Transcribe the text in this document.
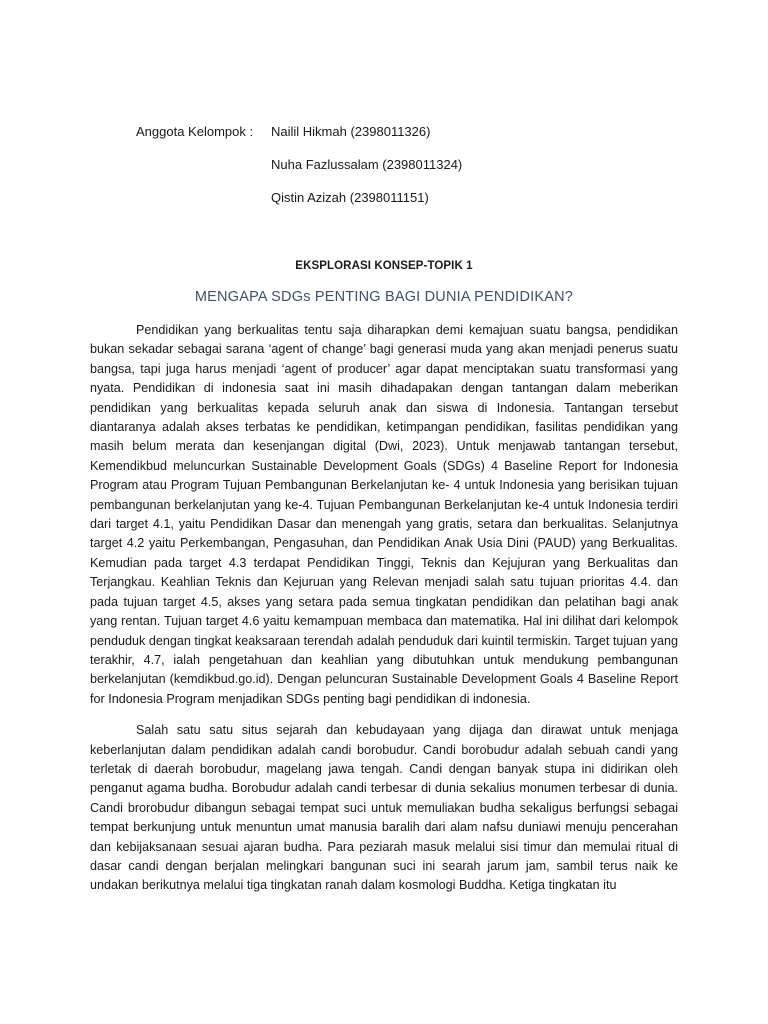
Anggota Kelompok :	Nailil Hikmah (2398011326)
Nuha Fazlussalam (2398011324)
Qistin Azizah (2398011151)
EKSPLORASI KONSEP-TOPIK 1
MENGAPA SDGs PENTING BAGI DUNIA PENDIDIKAN?

Pendidikan yang berkualitas tentu saja diharapkan demi kemajuan suatu bangsa, pendidikan bukan sekadar sebagai sarana ‘agent of change’ bagi generasi muda yang akan menjadi penerus suatu bangsa, tapi juga harus menjadi ‘agent of producer’ agar dapat menciptakan suatu transformasi yang nyata. Pendidikan di indonesia saat ini masih dihadapakan dengan tantangan dalam meberikan pendidikan yang berkualitas kepada seluruh anak dan siswa di Indonesia. Tantangan tersebut diantaranya adalah akses terbatas ke pendidikan, ketimpangan pendidikan, fasilitas pendidikan yang masih belum merata dan kesenjangan digital (Dwi, 2023). Untuk menjawab tantangan tersebut, Kemendikbud meluncurkan Sustainable Development Goals (SDGs) 4 Baseline Report for Indonesia Program atau Program Tujuan Pembangunan Berkelanjutan ke- 4 untuk Indonesia yang berisikan tujuan pembangunan berkelanjutan yang ke-4. Tujuan Pembangunan Berkelanjutan ke-4 untuk Indonesia terdiri dari target 4.1, yaitu Pendidikan Dasar dan menengah yang gratis, setara dan berkualitas. Selanjutnya target 4.2 yaitu Perkembangan, Pengasuhan, dan Pendidikan Anak Usia Dini (PAUD) yang Berkualitas. Kemudian pada target 4.3 terdapat Pendidikan Tinggi, Teknis dan Kejujuran yang Berkualitas dan Terjangkau. Keahlian Teknis dan Kejuruan yang Relevan menjadi salah satu tujuan prioritas 4.4. dan pada tujuan target 4.5, akses yang setara pada semua tingkatan pendidikan dan pelatihan bagi anak yang rentan. Tujuan target 4.6 yaitu kemampuan membaca dan matematika. Hal ini dilihat dari kelompok penduduk dengan tingkat keaksaraan terendah adalah penduduk dari kuintil termiskin. Target tujuan yang terakhir, 4.7, ialah pengetahuan dan keahlian yang dibutuhkan untuk mendukung pembangunan berkelanjutan (kemdikbud.go.id). Dengan peluncuran Sustainable Development Goals 4 Baseline Report for Indonesia Program menjadikan SDGs penting bagi pendidikan di indonesia.

Salah satu satu situs sejarah dan kebudayaan yang dijaga dan dirawat untuk menjaga keberlanjutan dalam pendidikan adalah candi borobudur. Candi borobudur adalah sebuah candi yang terletak di daerah borobudur, magelang jawa tengah. Candi dengan banyak stupa ini didirikan oleh penganut agama budha. Borobudur adalah candi terbesar di dunia sekalius monumen terbesar di dunia. Candi brorobudur dibangun sebagai tempat suci untuk memuliakan budha sekaligus berfungsi sebagai tempat berkunjung untuk menuntun umat manusia baralih dari alam nafsu duniawi menuju pencerahan dan kebijaksanaan sesuai ajaran budha. Para peziarah masuk melalui sisi timur dan memulai ritual di dasar candi dengan berjalan melingkari bangunan suci ini searah jarum jam, sambil terus naik ke undakan berikutnya melalui tiga tingkatan ranah dalam kosmologi Buddha. Ketiga tingkatan itu
